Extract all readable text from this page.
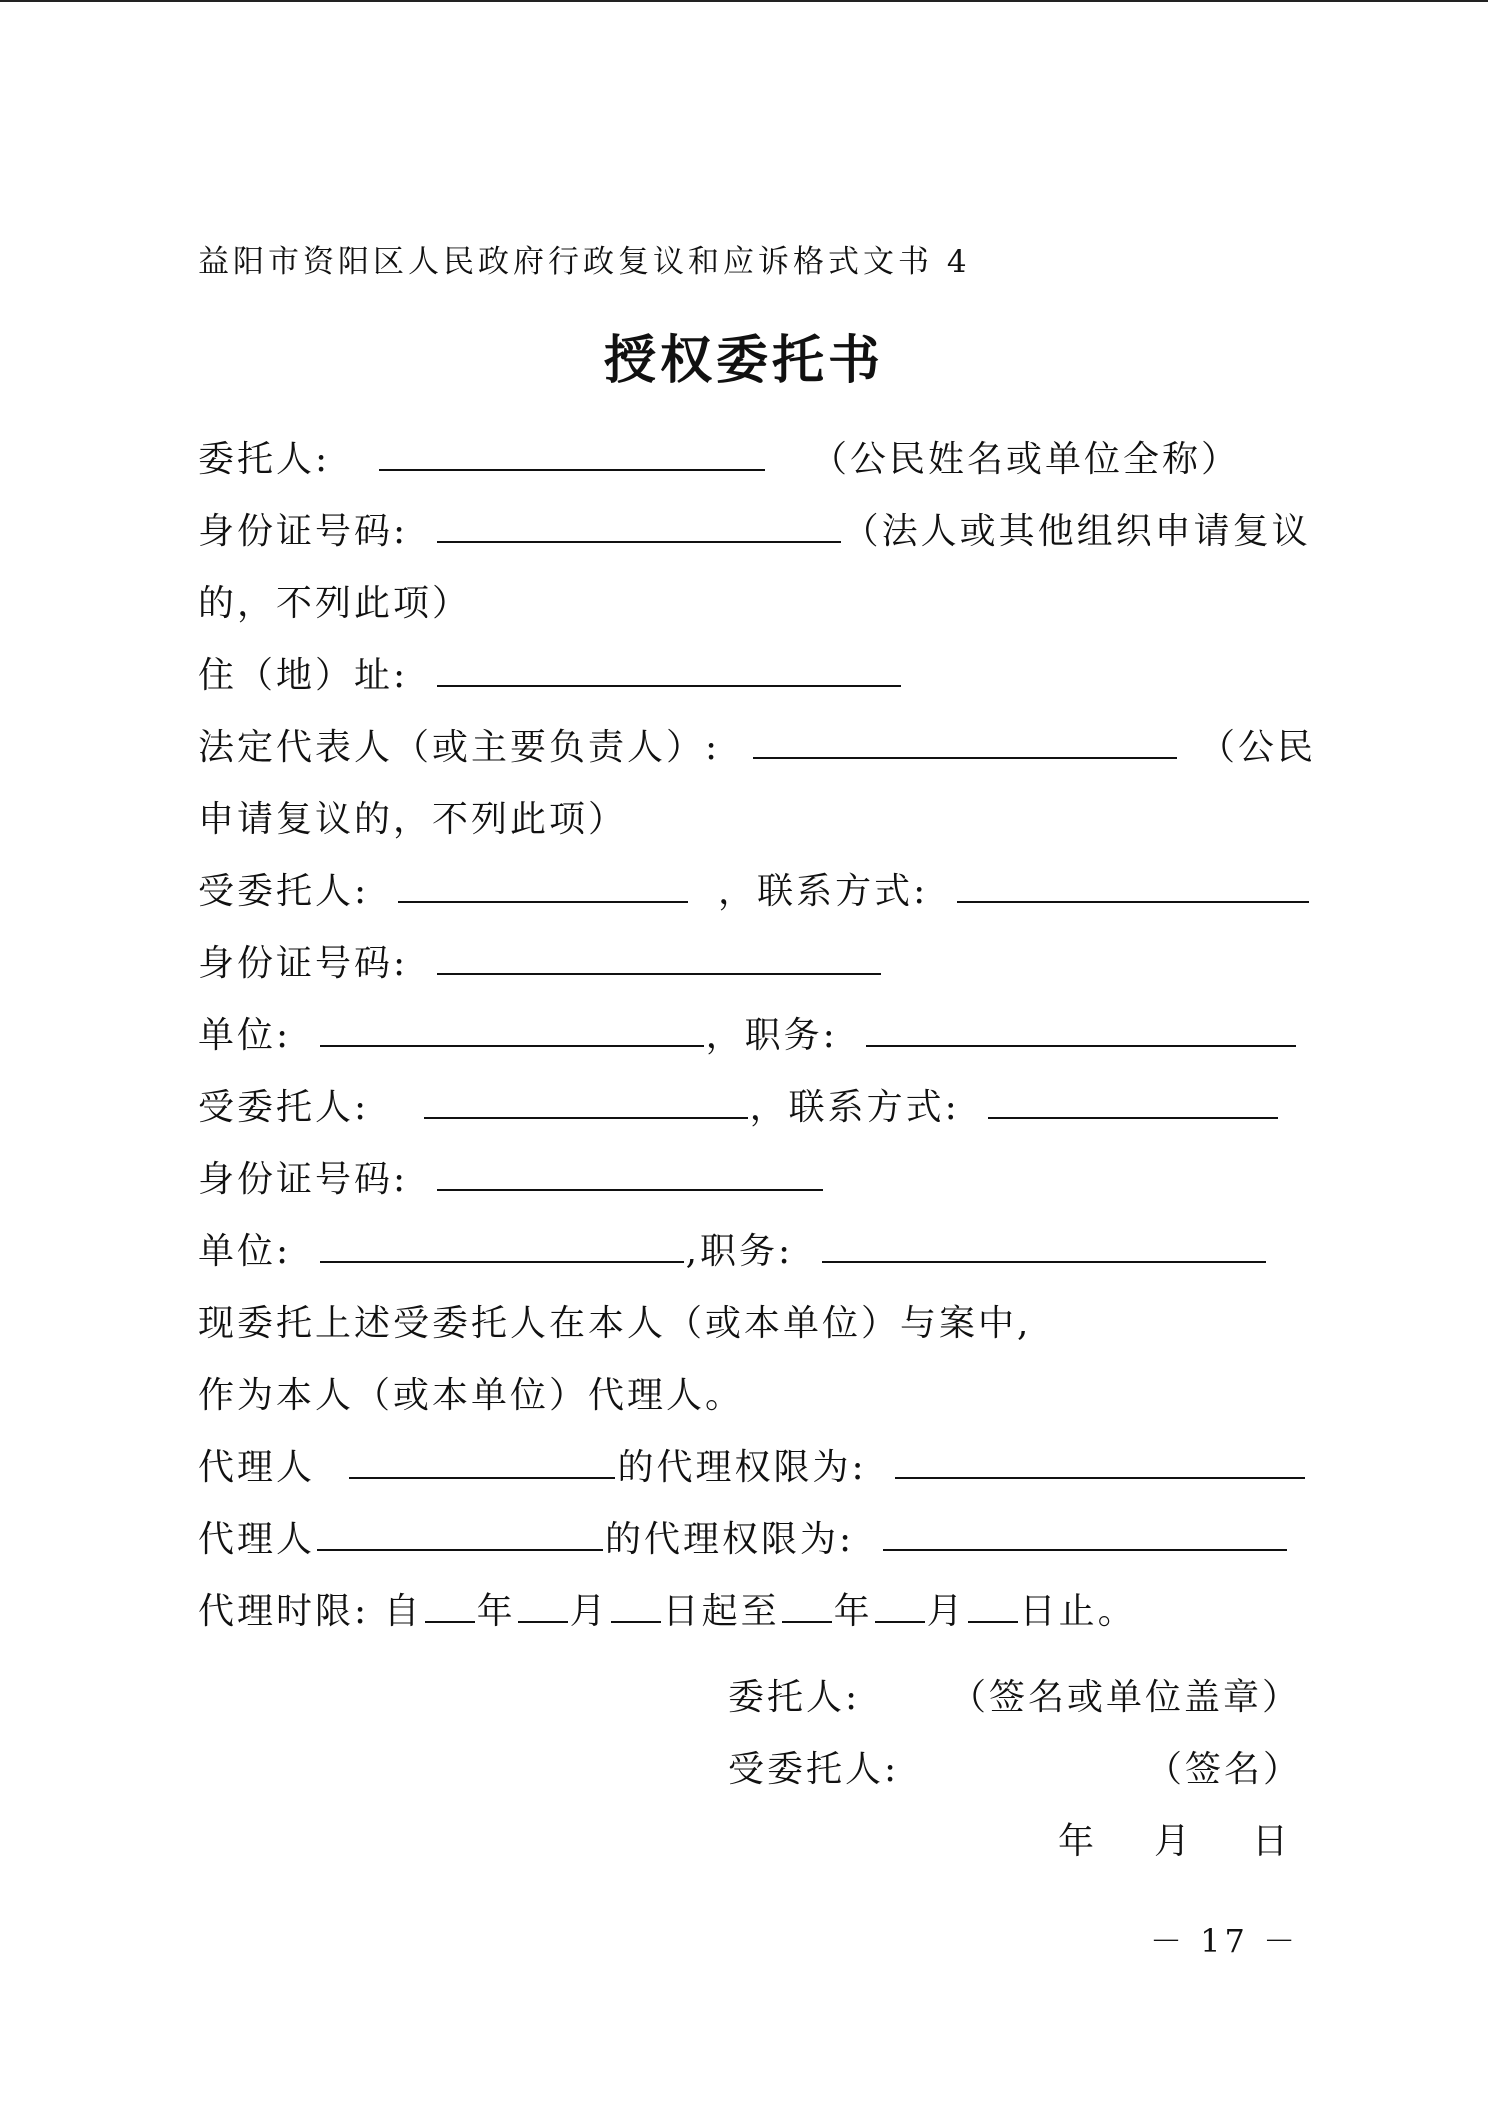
益阳市资阳区人民政府行政复议和应诉格式文书 4
授权委托书
委托人:	（公民姓名或单位全称）
身份证号码:	（法人或其他组织申请复议
的，不列此项）
住（地）址:
法定代表人（或主要负责人）:	（公民
申请复议的，不列此项）
受委托人:	，联系方式:
身份证号码:
单位:	，职务:
受委托人:	，联系方式:
身份证号码:
单位:	,职务:
现委托上述受委托人在本人（或本单位）与案中,
作为本人（或本单位）代理人。
代理人	的代理权限为:
代理人	的代理权限为:
代理时限: 自 年 月 日起至 年 月 日止。
委托人: （签名或单位盖章）
受委托人:	（签名）
年 月 日
－ 17 －
